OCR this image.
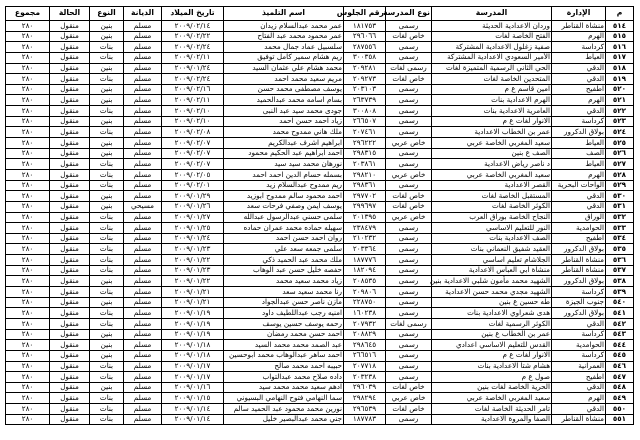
م	الإدارة	المدرسة	نوع المدرسة	رقم الجلوس	اسم التلميذ	تاريخ الميلاد	الديانة	النوع	الحالة	مجموع
٥١٤	منشاة القناطر	وردان الاعدادية الحديثة	رسمى	١٨١٧٥٣	عمر محمد عبدالسلام زيدان	٢٠٠٩/٠٢/١٤	مسلم	بنين	منقول	٢٨٠
٥١٥	الهرم	الفتح الخاصة لغات	خاص لغات	٢٩٦٠٦٦	عمر محمود محمد عبد الفتاح	٢٠٠٩/٠٢/٢٢	مسلم	بنين	منقول	٢٨٠
٥١٦	كرداسة	صفية زغلول الاعدادية المشتركة	رسمى	٢٨٧٥٥٦	سلسبيل عماد جمال محمد	٢٠٠٩/٠٢/٢٤	مسلم	بنات	منقول	٢٨٠
٥١٧	العياط	الأمير السعودي الاعدادية المشتركة	رسمى	٣٠٠٣٥٨	ريم هشام سمير كامل توفيق	٢٠٠٩/٠٢/١١	مسلم	بنات	منقول	٢٨٠
٥١٨	الدقي	الحي الثاني الرسمية المتميزة لغات	رسمى لغات	٢٠٩٢٨١	محمد هشام علي عثمان السيد	٢٠٠٩/٠١/٢٤	مسلم	بنين	منقول	٢٨٠
٥١٩	الدقي	المتحدين الخاصة لغات	خاص لغات	٢٠٩٢٧٣	مريم سعيد محمد احمد	٢٠٠٩/٠٢/٢٤	مسلم	بنات	منقول	٢٨٠
٥٢٠	اطفيح	امين قاسم ع م	رسمى	٢٠٣١٠٣	يوسف مصطفى محمد حسن	٢٠٠٩/٠٢/١٦	مسلم	بنين	منقول	٢٨٠
٥٢١	الهرم	الهرم الاعدادية بنات	رسمى	٢٦٣٧٣٩	بسام اسامه محمد عبدالحميد	٢٠٠٩/٠٢/١١	مسلم	بنين	منقول	٢٨٠
٥٢٢	الدقي	العامرية الاعدادية بنات	رسمى	٣٠٠٨٠٨	جودى محمد سيد عبد النبى	٢٠٠٩/٠٢/١٠	مسلم	بنات	منقول	٢٨٠
٥٢٣	كرداسة	الانوار لغات ع م	رسمى	٢٦٦٥٠٧	زياد احمد حسن احمد	٢٠٠٩/٠٢/١٠	مسلم	بنين	منقول	٢٨٠
٥٢٤	بولاق الدكرور	عمر بن الخطاب الاعدادية	رسمى	٢٠٧٤٦١	ملك هاني ممدوح محمد	٢٠٠٩/٠٢/٠٨	مسلم	بنات	منقول	٢٨٠
٥٢٥	العياط	سعيد المغربي الخاصة عربي	خاص عربي	٢٩٦٢٢٢	ابراهيم اشرف عبدالكريم	٢٠٠٩/٠٢/٠٧	مسلم	بنين	منقول	٢٨٠
٥٢٦	الصف	الصف ع بنين	رسمى	٢٩٨٣١٥	احمد ابراهيم عبد الحكيم محمود	٢٠٠٩/٠٢/٠٧	مسلم	بنين	منقول	٢٨٠
٥٢٧	العياط	د ناصر رياض الاعدادية	رسمى	٢٠٣٨٦١	نورهان محمد سيد سيد	٢٠٠٩/٠٢/٠٧	مسلم	بنات	منقول	٢٨٠
٥٢٨	الهرم	سعيد المغربي الخاصة عربي	خاص عربي	٢٩٨٢١٠	بسمله حسام الدين احمد احمد	٢٠٠٩/٠٢/٠٥	مسلم	بنات	منقول	٢٨٠
٥٢٩	الواحات البحرية	القصر الاعدادية	رسمى	٢٩٨٣٦١	ريم ممدوح عبدالسلام زيد	٢٠٠٩/٠٢/٠١	مسلم	بنات	منقول	٢٨٠
٥٣٠	الدقي	المستقبل الخاصة لغات	خاص لغات	٢٩٧٧٠٢	احمد محمود سالم ممدوح ابوزيد	٢٠٠٩/٠١/٢٩	مسلم	بنين	منقول	٢٨٠
٥٣١	الدقي	الكوثر الخاصة لغات	خاص لغات	٢٩٩٦٩٧	يوسف ايمن وصفي فرحات سعد	٢٠٠٩/٠١/٢٦	مسيحي	بنين	منقول	٢٨٠
٥٣٢	الوراق	النجاح الخاصة بوراق العرب	خاص عربي	٢٠١٣٩٥	سلمى حسني عبدالرسول عبدالله	٢٠٠٩/٠١/٢٧	مسلم	بنات	منقول	٢٨٠
٥٣٣	الحوامدية	النور للتعليم الاساسي	رسمى	٢٣٨٤٧٩	سهيله حماده محمد عمران حماده	٢٠٠٩/٠١/٢٥	مسلم	بنات	منقول	٢٨٠
٥٣٤	اطفيح	الصف الاعدادية بنات	رسمى	٢١٠٢٣٢	روان احمد حسن احمد	٢٠٠٩/٠١/٢٤	مسلم	بنات	منقول	٢٨٠
٥٣٥	بولاق الدكرور	العقيد شفيق النعماني بنات	رسمى	٢٠٣٣٦٤	سلمى جمعه سعد علي	٢٠٠٩/٠١/٢٣	مسلم	بنات	منقول	٢٨٠
٥٣٦	منشاة القناطر	الجلاشام تعليم اساسي	رسمى	١٨٧٧٧٦	ملك محمد عبد الحميد ذكي	٢٠٠٩/٠١/٢٢	مسلم	بنات	منقول	٢٨٠
٥٣٧	منشاة القناطر	منشاة ابي العباس الاعدادية	رسمى	١٨٢٠٩٤	حفصه خليل حسن عبد الوهاب	٢٠٠٩/٠١/٢٣	مسلم	بنات	منقول	٢٨٠
٥٣٨	بولاق الدكرور	الشهيد محمد مأمون شلبي الاعدادية بنين	رسمى	٢٠٨٥٣٥	زياد محمد سعيد محمد	٢٠٠٩/٠١/٢٢	مسلم	بنين	منقول	٢٨٠
٥٣٩	كرداسة	الشهيد مجدي محمد حسن الاعدادية	رسمى	٢٠٩٨٠٦	رنا محمد سعيد سعد	٢٠٠٩/٠١/٢١	مسلم	بنات	منقول	٢٨٠
٥٤٠	جنوب الجيزة	طه حسين ع بنين	رسمى	٢٢٨٧٥٠	مازن ناصر حسن عبدالجواد	٢٠٠٩/٠١/٢١	مسلم	بنين	منقول	٢٨٠
٥٤١	بولاق الدكرور	هدى شعراوي الاعدادية بنات	رسمى	١٦٠٢٣٨	امنيه رجب عبداللطيف داود	٢٠٠٩/٠١/١٩	مسلم	بنات	منقول	٢٨٠
٥٤٢	الدقي	الكوثر الرسمية لغات	رسمى لغات	٢٠٧٩٣٢	رحمه يوسف حسين يوسف	٢٠٠٩/٠١/١٩	مسلم	بنات	منقول	٢٨٠
٥٤٣	كرداسة	عمر بن الخطاب ع بنين	رسمى	٢٠٨٨٢٩	احمد حسن محمد رمضان	٢٠٠٩/٠١/١٩	مسلم	بنين	منقول	٢٨٠
٥٤٤	الحوامدية	القدس للتعليم الاساسي اعدادي	رسمى	٢٩٨٦٤٥	عبد الصمد محمد محمد السيد	٢٠٠٩/٠١/١٨	مسلم	بنين	منقول	٢٨٠
٥٤٥	كرداسة	الانوار لغات ع م	رسمى	٢٦٦٥١٦	احمد ساهر عبدالوهاب محمد ابوحسين	٢٠٠٩/٠١/١٨	مسلم	بنين	منقول	٢٨٠
٥٤٦	العمرانية	هشام شتا الاعدادية بنات	رسمى	٢٠٧٧١٨	حبيبه احمد محمد صالح	٢٠٠٩/٠١/١٧	مسلم	بنات	منقول	٢٨٠
٥٤٧	اطفيح	صول ع م	رسمى	٢٠٣٢٣٨	داده صلاح محمد عبدالتواب	٢٠٠٩/٠١/١٧	مسلم	بنات	منقول	٢٨٠
٥٤٨	الدقي	الحرية الخاصة لغات بنين	خاص لغات	٢٩٦٠٣٩	ادهم سعيد محمد محمد سيد	٢٠٠٩/٠١/١٦	مسلم	بنين	منقول	٢٨٠
٥٤٩	الهرم	سعيد المغربي الخاصة عربي	خاص عربي	٢٩٨٢٩٤	سما النهامي فتوح النهامي البسيوني	٢٠٠٩/٠١/١٥	مسلم	بنات	منقول	٢٨٠
٥٥٠	الدقي	تامر الحديثة الخاصة لغات	خاص لغات	٢٩٦٥٣٩	نورين محمد محمود عبد الحميد سالم	٢٠٠٩/٠١/١٤	مسلم	بنات	منقول	٢٨٠
٥٥١	منشاة القناطر	الصفا والمروة الاعدادية	رسمى	١٨٧٧٨٣	جني محمد عبدالبصير خليل	٢٠٠٩/٠١/١٤	مسلم	بنات	منقول	٢٨٠
